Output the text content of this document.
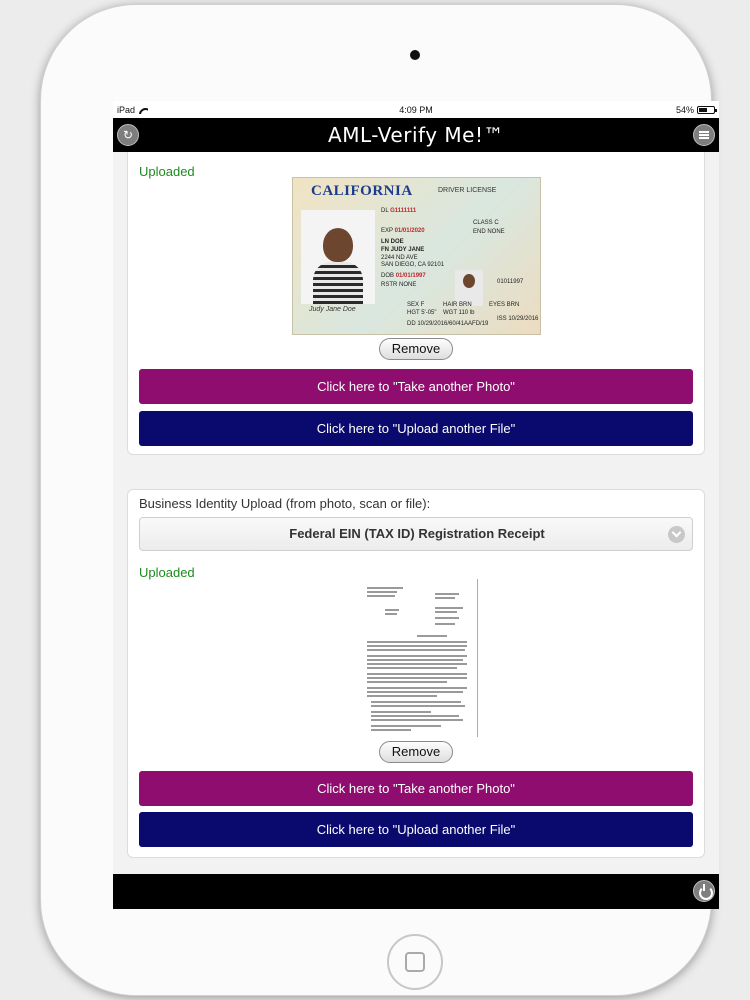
iPad	4:09 PM	54%
↻	AML-Verify Me!™
Uploaded
CALIFORNIA	DRIVER LICENSE
Judy Jane Doe
DL G1111111
EXP 01/01/2020
CLASS C
END NONE
LN DOE
FN JUDY JANE
2244 ND AVE
SAN DIEGO, CA 92101
DOB 01/01/1997
RSTR NONE	01011997
SEX F	HAIR BRN	EYES BRN
HGT 5'-05" WGT 110 lb
DD 10/29/2016/60/41AAFD/19
ISS 10/29/2016
Remove
Click here to "Take another Photo"
Click here to "Upload another File"
Business Identity Upload (from photo, scan or file):
Federal EIN (TAX ID) Registration Receipt
Uploaded
Remove
Click here to "Take another Photo"
Click here to "Upload another File"
